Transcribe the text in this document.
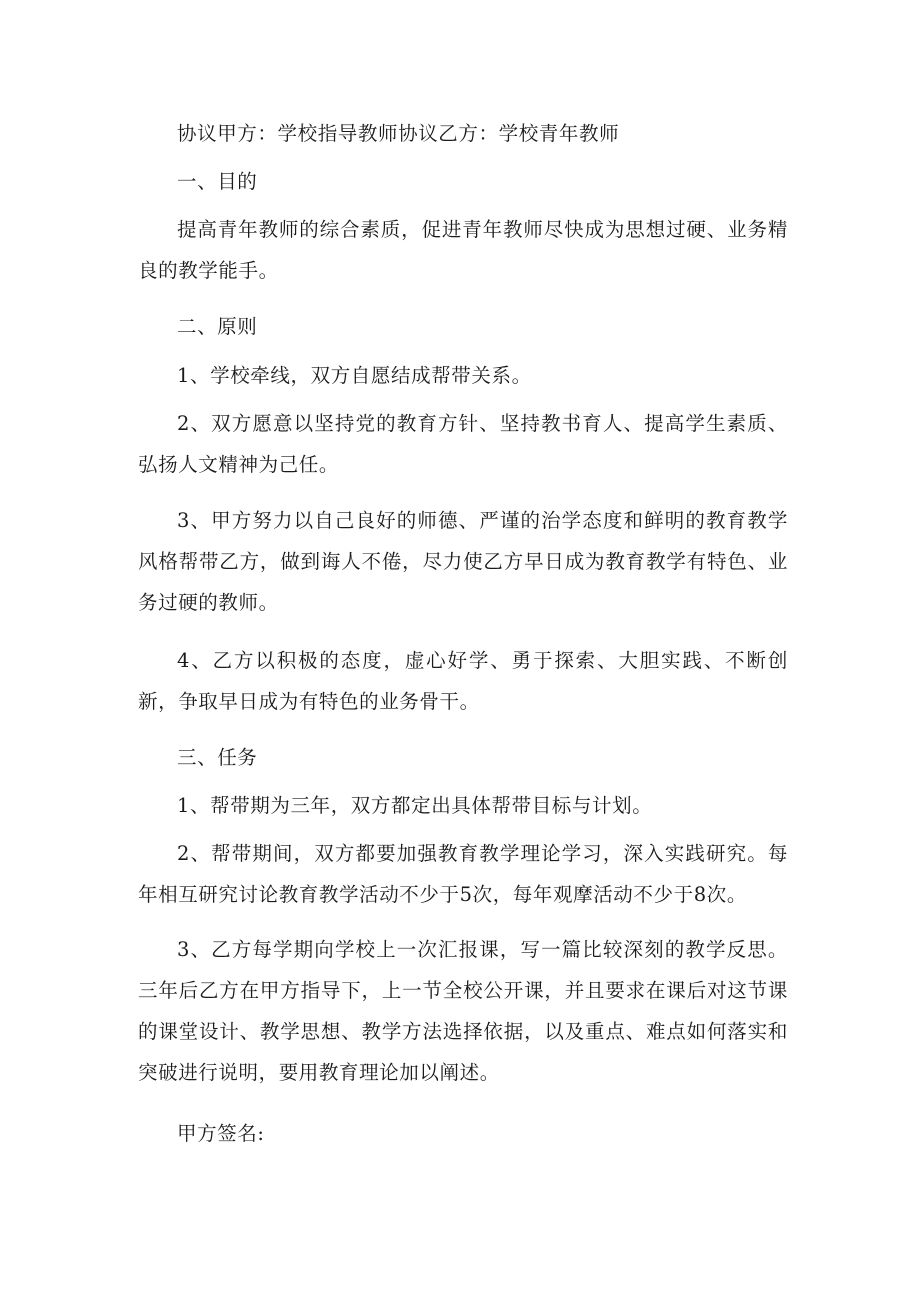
协议甲方：学校指导教师协议乙方：学校青年教师

一、目的

提高青年教师的综合素质，促进青年教师尽快成为思想过硬、业务精良的教学能手。

二、原则

1、学校牵线，双方自愿结成帮带关系。

2、双方愿意以坚持党的教育方针、坚持教书育人、提高学生素质、弘扬人文精神为己任。

3、甲方努力以自己良好的师德、严谨的治学态度和鲜明的教育教学风格帮带乙方，做到诲人不倦，尽力使乙方早日成为教育教学有特色、业务过硬的教师。

4、乙方以积极的态度，虚心好学、勇于探索、大胆实践、不断创新，争取早日成为有特色的业务骨干。

三、任务

1、帮带期为三年，双方都定出具体帮带目标与计划。

2、帮带期间，双方都要加强教育教学理论学习，深入实践研究。每年相互研究讨论教育教学活动不少于5次，每年观摩活动不少于8次。

3、乙方每学期向学校上一次汇报课，写一篇比较深刻的教学反思。三年后乙方在甲方指导下，上一节全校公开课，并且要求在课后对这节课的课堂设计、教学思想、教学方法选择依据，以及重点、难点如何落实和突破进行说明，要用教育理论加以阐述。

甲方签名:
